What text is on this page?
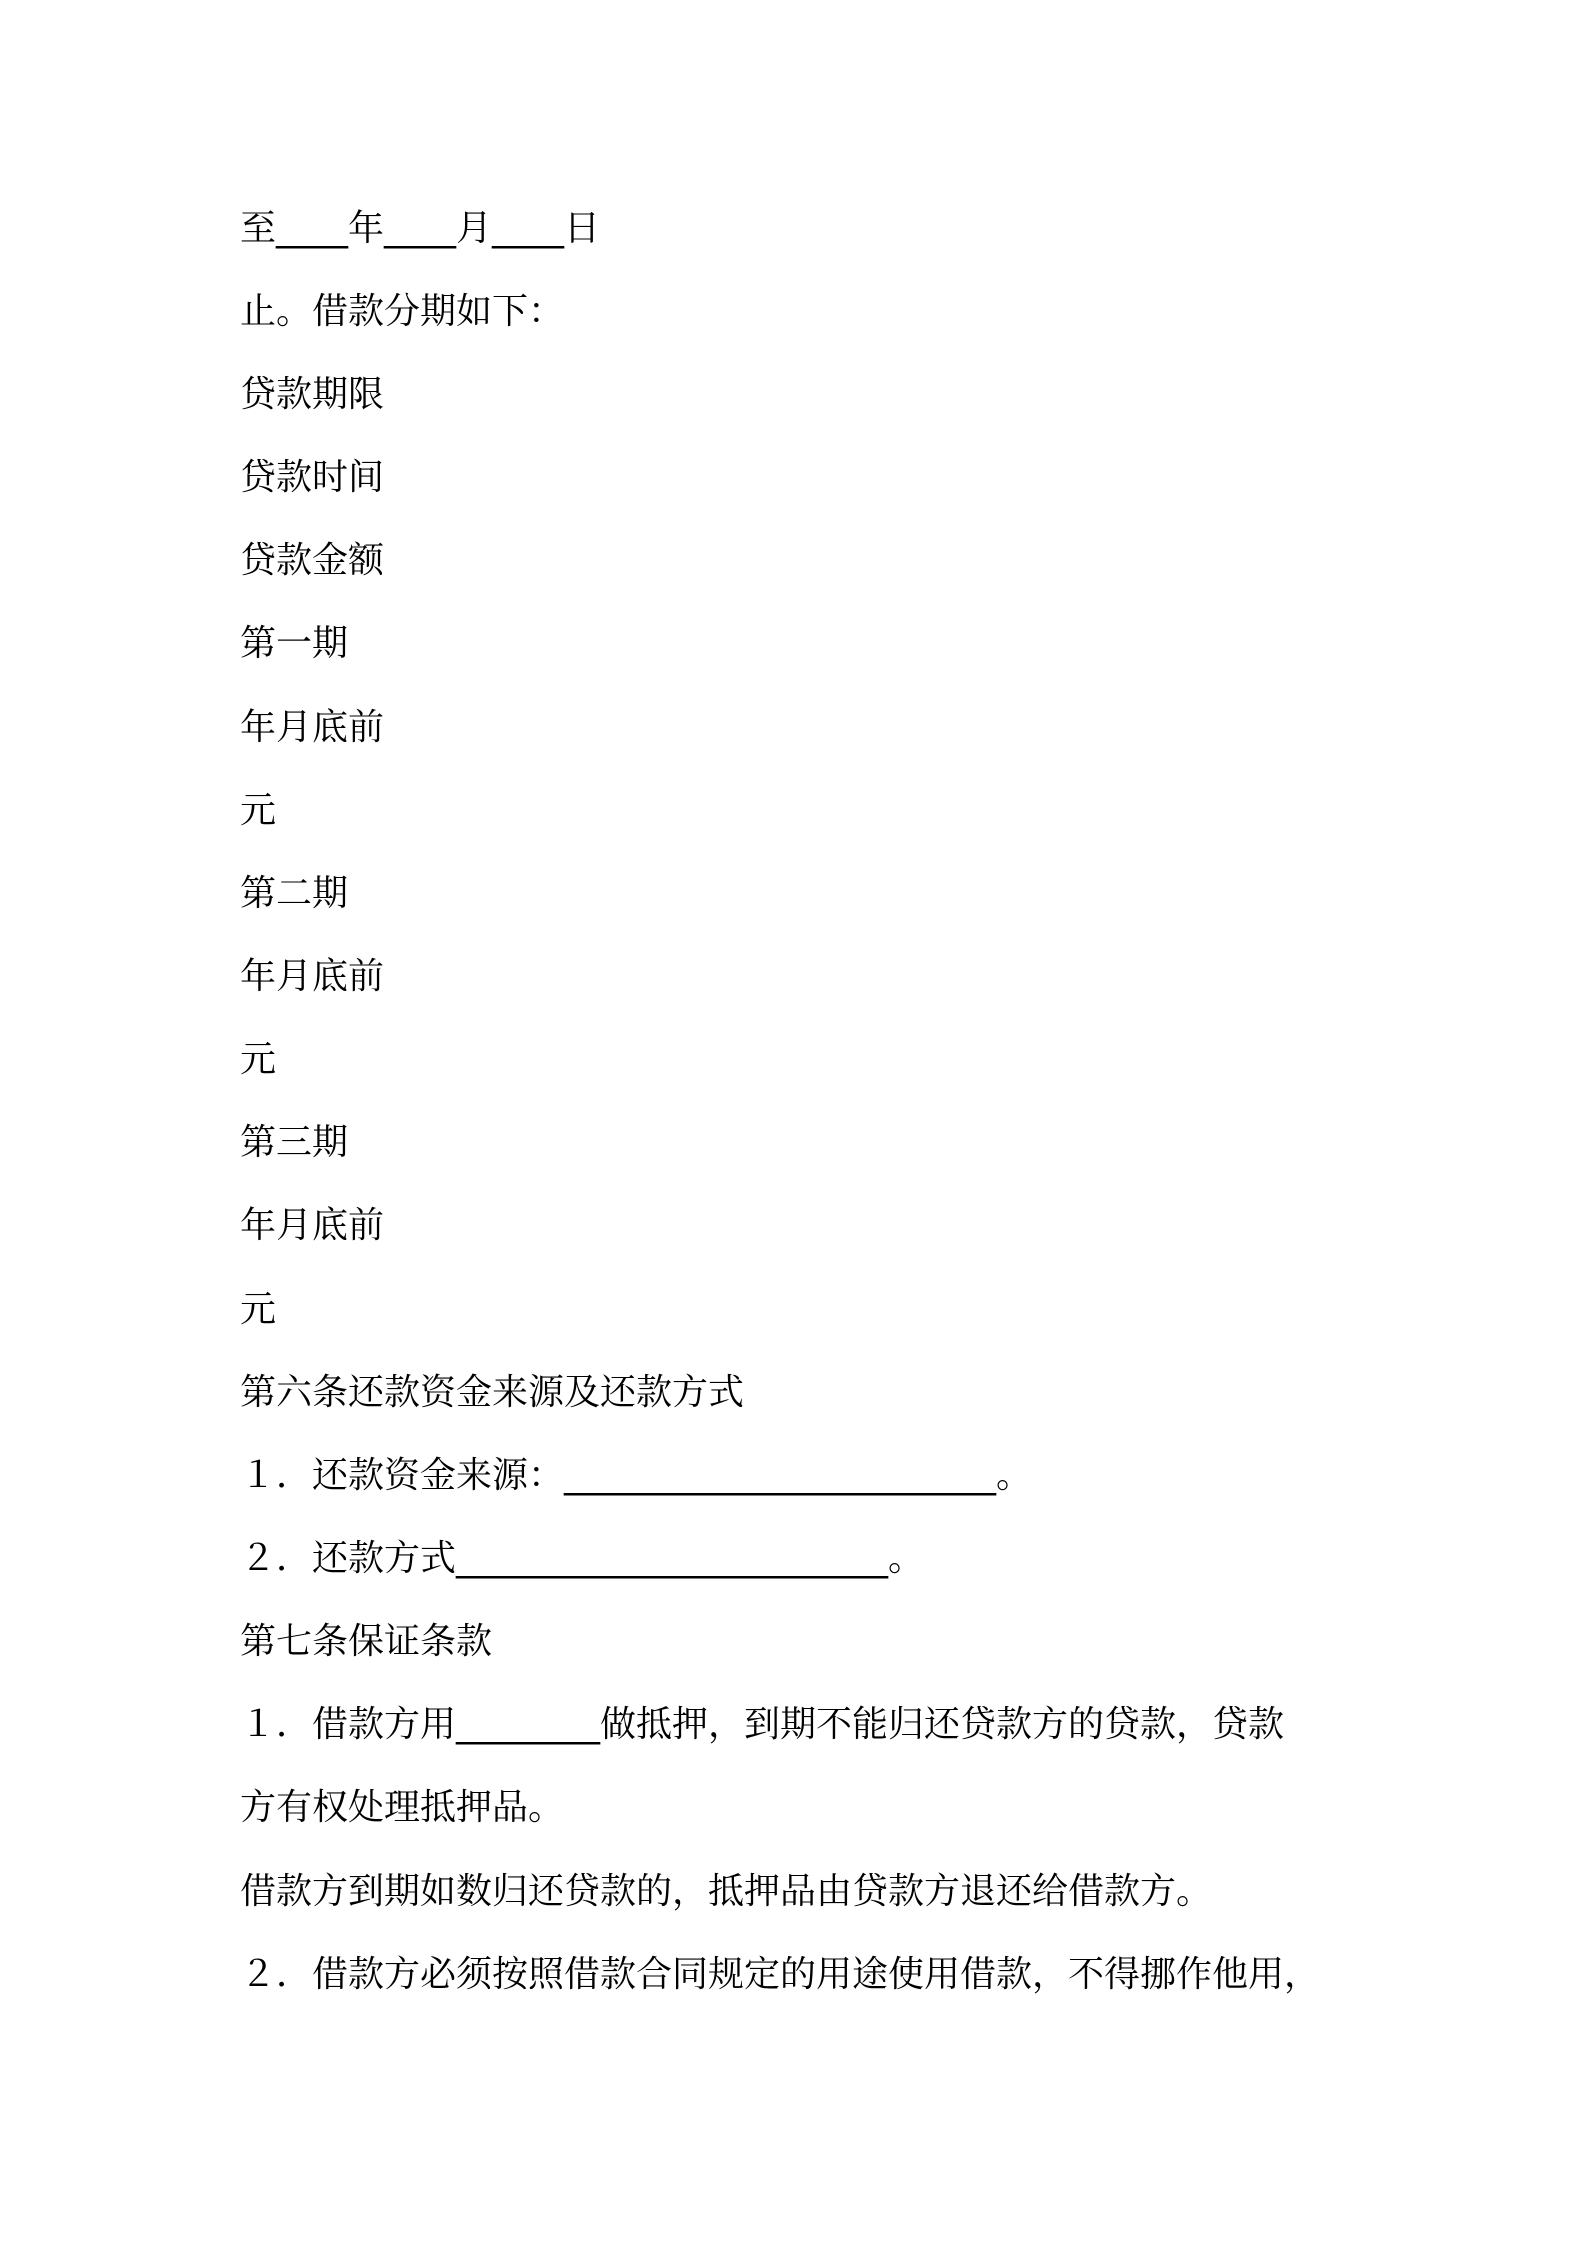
至____年____月____日
止。借款分期如下：
贷款期限
贷款时间
贷款金额
第一期
年月底前
元
第二期
年月底前
元
第三期
年月底前
元
第六条还款资金来源及还款方式
１．还款资金来源：________________________。
２．还款方式________________________。
第七条保证条款
１．借款方用________做抵押，到期不能归还贷款方的贷款，贷款
方有权处理抵押品。
借款方到期如数归还贷款的，抵押品由贷款方退还给借款方。
２．借款方必须按照借款合同规定的用途使用借款，不得挪作他用，
